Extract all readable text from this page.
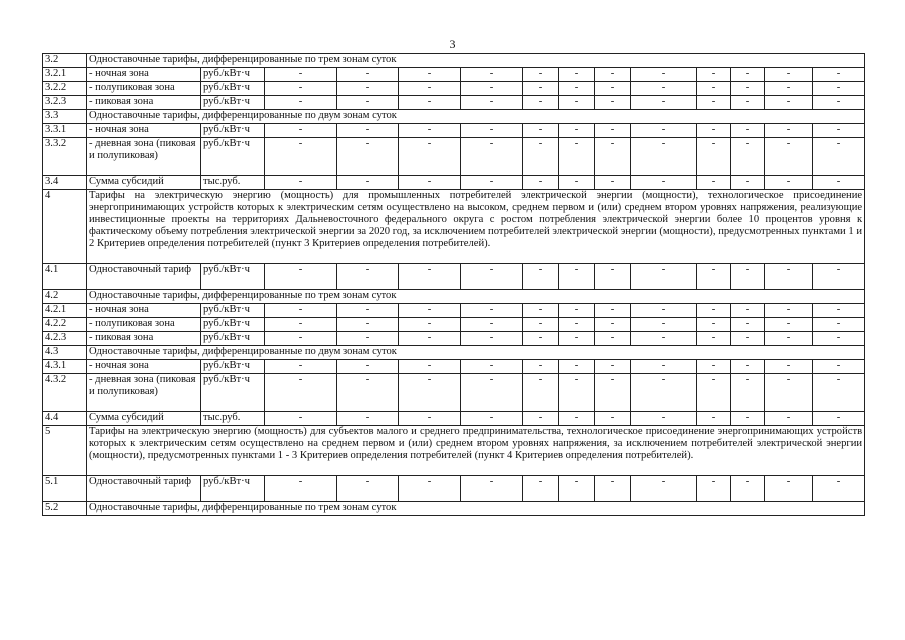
3
3.2	Одноставочные тарифы, дифференцированные по трем зонам суток													
3.2.1	- ночная зона	руб./кВт·ч	-	-	-	-	-	-	-	-	-	-	-	-
3.2.2	- полупиковая зона	руб./кВт·ч	-	-	-	-	-	-	-	-	-	-	-	-
3.2.3	- пиковая зона	руб./кВт·ч	-	-	-	-	-	-	-	-	-	-	-	-
3.3	Одноставочные тарифы, дифференцированные по двум зонам суток													
3.3.1	- ночная зона	руб./кВт·ч	-	-	-	-	-	-	-	-	-	-	-	-
3.3.2	- дневная зона (пиковая и полупиковая)	руб./кВт·ч	-	-	-	-	-	-	-	-	-	-	-	-
3.4	Сумма субсидий	тыс.руб.	-	-	-	-	-	-	-	-	-	-	-	-
4	Тарифы на электрическую энергию (мощность) для промышленных потребителей электрической энергии (мощности), технологическое присоединение энергопринимающих устройств которых к электрическим сетям осуществлено на высоком, среднем первом и (или) среднем втором уровнях напряжения, реализующие инвестиционные проекты на территориях Дальневосточного федерального округа с ростом потребления электрической энергии более 10 процентов уровня к фактическому объему потребления электрической энергии за 2020 год, за исключением потребителей электрической энергии (мощности), предусмотренных пунктами 1 и 2 Критериев определения потребителей (пункт 3 Критериев определения потребителей).													
4.1	Одноставочный тариф	руб./кВт·ч	-	-	-	-	-	-	-	-	-	-	-	-
4.2	Одноставочные тарифы, дифференцированные по трем зонам суток													
4.2.1	- ночная зона	руб./кВт·ч	-	-	-	-	-	-	-	-	-	-	-	-
4.2.2	- полупиковая зона	руб./кВт·ч	-	-	-	-	-	-	-	-	-	-	-	-
4.2.3	- пиковая зона	руб./кВт·ч	-	-	-	-	-	-	-	-	-	-	-	-
4.3	Одноставочные тарифы, дифференцированные по двум зонам суток													
4.3.1	- ночная зона	руб./кВт·ч	-	-	-	-	-	-	-	-	-	-	-	-
4.3.2	- дневная зона (пиковая и полупиковая)	руб./кВт·ч	-	-	-	-	-	-	-	-	-	-	-	-
4.4	Сумма субсидий	тыс.руб.	-	-	-	-	-	-	-	-	-	-	-	-
5	Тарифы на электрическую энергию (мощность) для субъектов малого и среднего предпринимательства, технологическое присоединение энергопринимающих устройств которых к электрическим сетям осуществлено на среднем первом и (или) среднем втором уровнях напряжения, за исключением потребителей электрической энергии (мощности), предусмотренных пунктами 1 - 3 Критериев определения потребителей (пункт 4 Критериев определения потребителей).													
5.1	Одноставочный тариф	руб./кВт·ч	-	-	-	-	-	-	-	-	-	-	-	-
5.2	Одноставочные тарифы, дифференцированные по трем зонам суток													
